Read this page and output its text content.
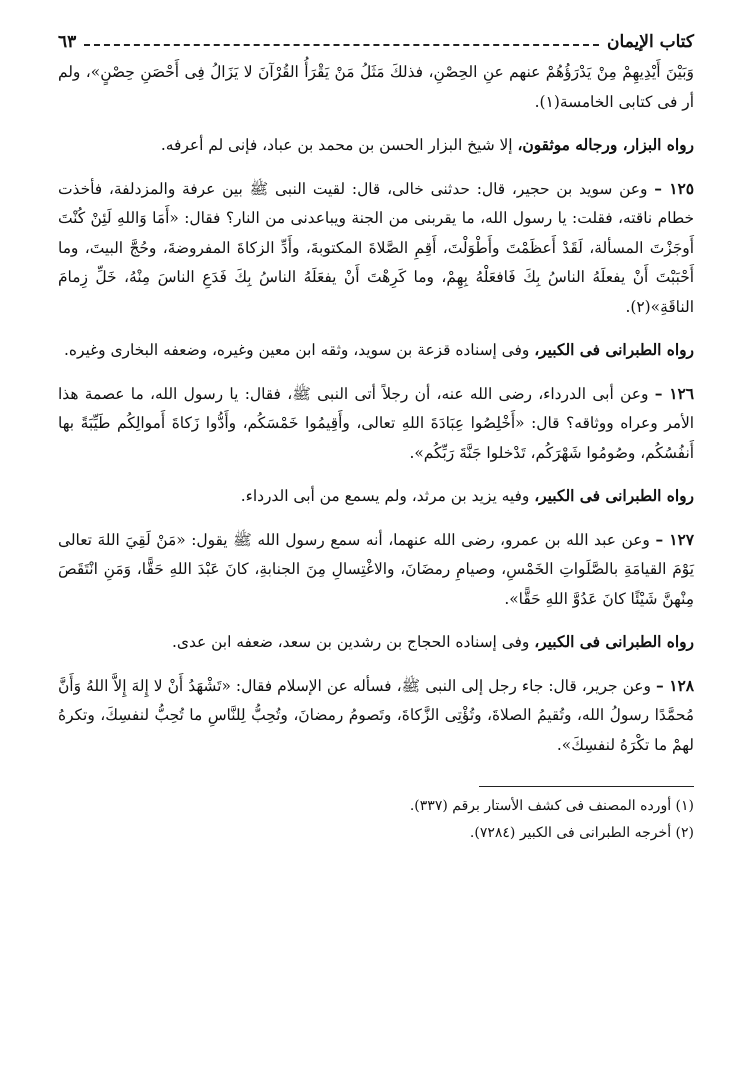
كتاب الإيمان
٦٣

وَبَيْنَ أَيْدِيهِمْ مِنْ يَدْرَؤُهُمْ عنهم عنِ الحِصْنِ، فذلكَ مَثَلُ مَنْ يَقْرَأُ القُرْآنَ لا يَزَالُ فِى أَحْصَنِ حِصْنٍ»، ولم أر فى كتابى الخامسة(١).

رواه البزار، ورجاله موثقون، إلا شيخ البزار الحسن بن محمد بن عباد، فإنى لم أعرفه.

١٢٥ – وعن سويد بن حجير، قال: حدثنى خالى، قال: لقيت النبى ﷺ بين عرفة والمزدلفة، فأخذت خطام ناقته، فقلت: يا رسول الله، ما يقربنى من الجنة ويباعدنى من النار؟ فقال: «أَمَا وَاللهِ لَئِنْ كُنْتَ أَوجَزْتَ المسألة، لَقَدْ أَعظَمْتَ وأَطْوَلْتَ، أَقِمِ الصَّلاةَ المكتوبةَ، وأَدِّ الزكاةَ المفروضةَ، وحُجَّ البيتَ، وما أَحْبَبْتَ أَنْ يفعلَهُ الناسُ بِكَ فَافعَلْهُ بِهِمْ، وما كَرِهْتَ أَنْ يفعَلَهُ الناسُ بِكَ فَدَعِ الناسَ مِنْهُ، خَلِّ زِمامَ الناقَةِ»(٢).

رواه الطبرانى فى الكبير، وفى إسناده قزعة بن سويد، وثقه ابن معين وغيره، وضعفه البخارى وغيره.

١٢٦ – وعن أبى الدرداء، رضى الله عنه، أن رجلاً أتى النبى ﷺ، فقال: يا رسول الله، ما عصمة هذا الأمر وعراه ووثاقه؟ قال: «أَخْلِصُوا عِبَادَةَ اللهِ تعالى، وأَقِيمُوا خَمْسَكُم، وأَدُّوا زَكاةَ أَموالِكُم طَيِّبَةً بها أَنفُسُكُم، وصُومُوا شَهْرَكُم، تَدْخلوا جَنَّةَ رَبِّكُم».

رواه الطبرانى فى الكبير، وفيه يزيد بن مرثد، ولم يسمع من أبى الدرداء.

١٢٧ – وعن عبد الله بن عمرو، رضى الله عنهما، أنه سمع رسول الله ﷺ يقول: «مَنْ لَقِيَ اللهَ تعالى يَوْمَ القيامَةِ بالصَّلَواتِ الخَمْسِ، وصيامِ رمضَانَ، والاغْتِسالِ مِنَ الجنابةِ، كانَ عَبْدَ اللهِ حَقًّا، وَمَنِ انْتَقَصَ مِنْهنَّ شَيْئًا كانَ عَدُوَّ اللهِ حَقًّا».

رواه الطبرانى فى الكبير، وفى إسناده الحجاج بن رشدين بن سعد، ضعفه ابن عدى.

١٢٨ – وعن جرير، قال: جاء رجل إلى النبى ﷺ، فسأله عن الإسلام فقال: «تَشْهَدُ أَنْ لا إِلهَ إِلاَّ اللهُ وَأَنَّ مُحمَّدًا رسولُ الله، وتُقيمُ الصلاةَ، وتُؤْتِى الزَّكاةَ، وتَصومُ رمضانَ، وتُحِبُّ لِلنَّاسِ ما تُحِبُّ لنفسِكَ، وتكرهُ لهمْ ما تكْرَهُ لنفسِكَ».

(١) أورده المصنف فى كشف الأستار برقم (٣٣٧).
(٢) أخرجه الطبرانى فى الكبير (٧٢٨٤).
